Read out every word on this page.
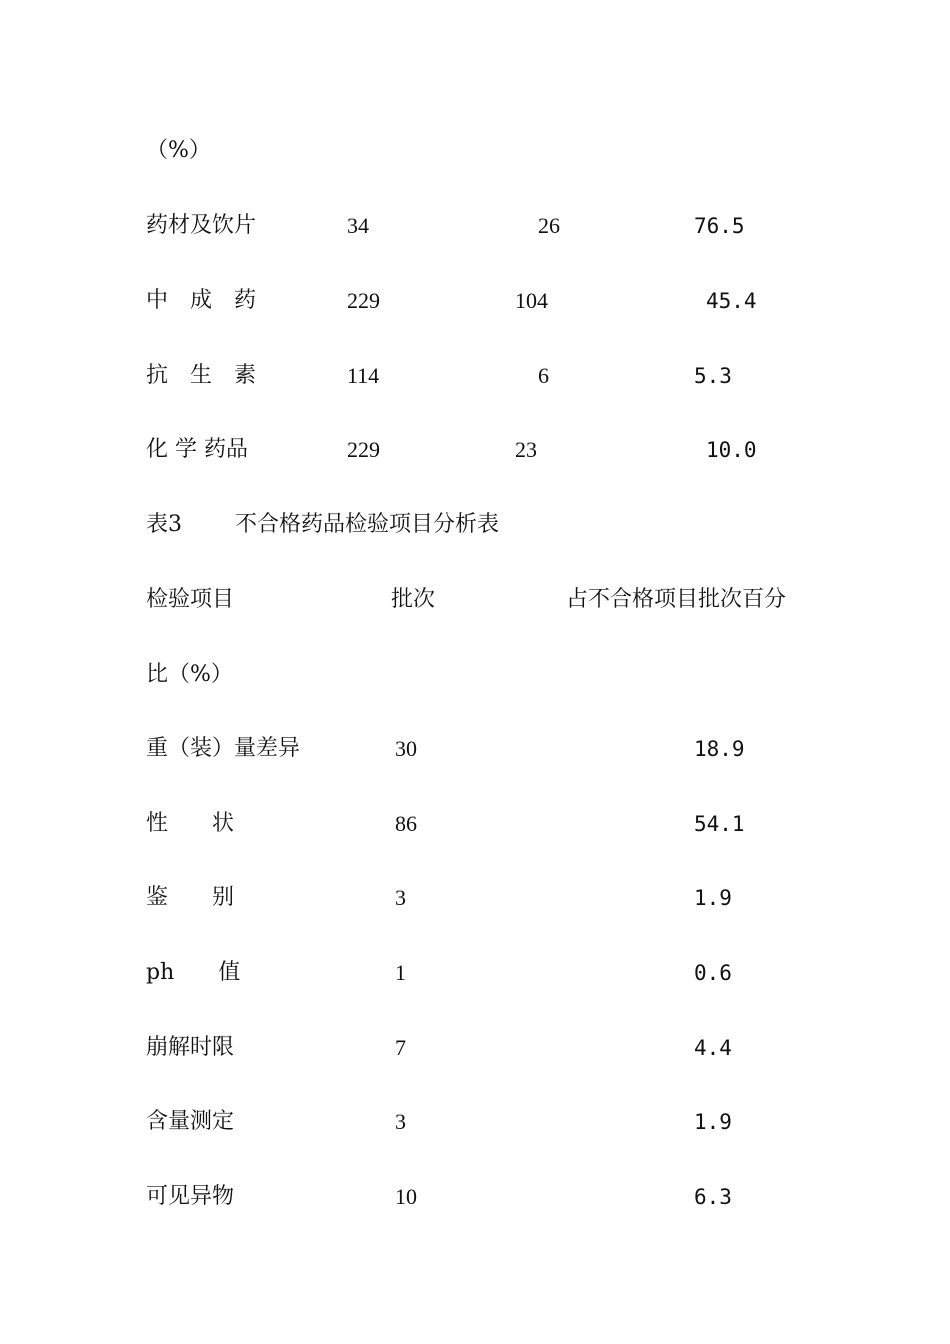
（%）
药材及饮片	34	26	76.5
中　成　药	229	104	45.4
抗　生　素	114	6	5.3
化 学 药品	229	23	10.0
表3 不合格药品检验项目分析表
检验项目	批次	占不合格项目批次百分
比（%）
重（装）量差异	30	18.9
性　　状	86	54.1
鉴　　别	3	1.9
ph　　值	1	0.6
崩解时限	7	4.4
含量测定	3	1.9
可见异物	10	6.3
